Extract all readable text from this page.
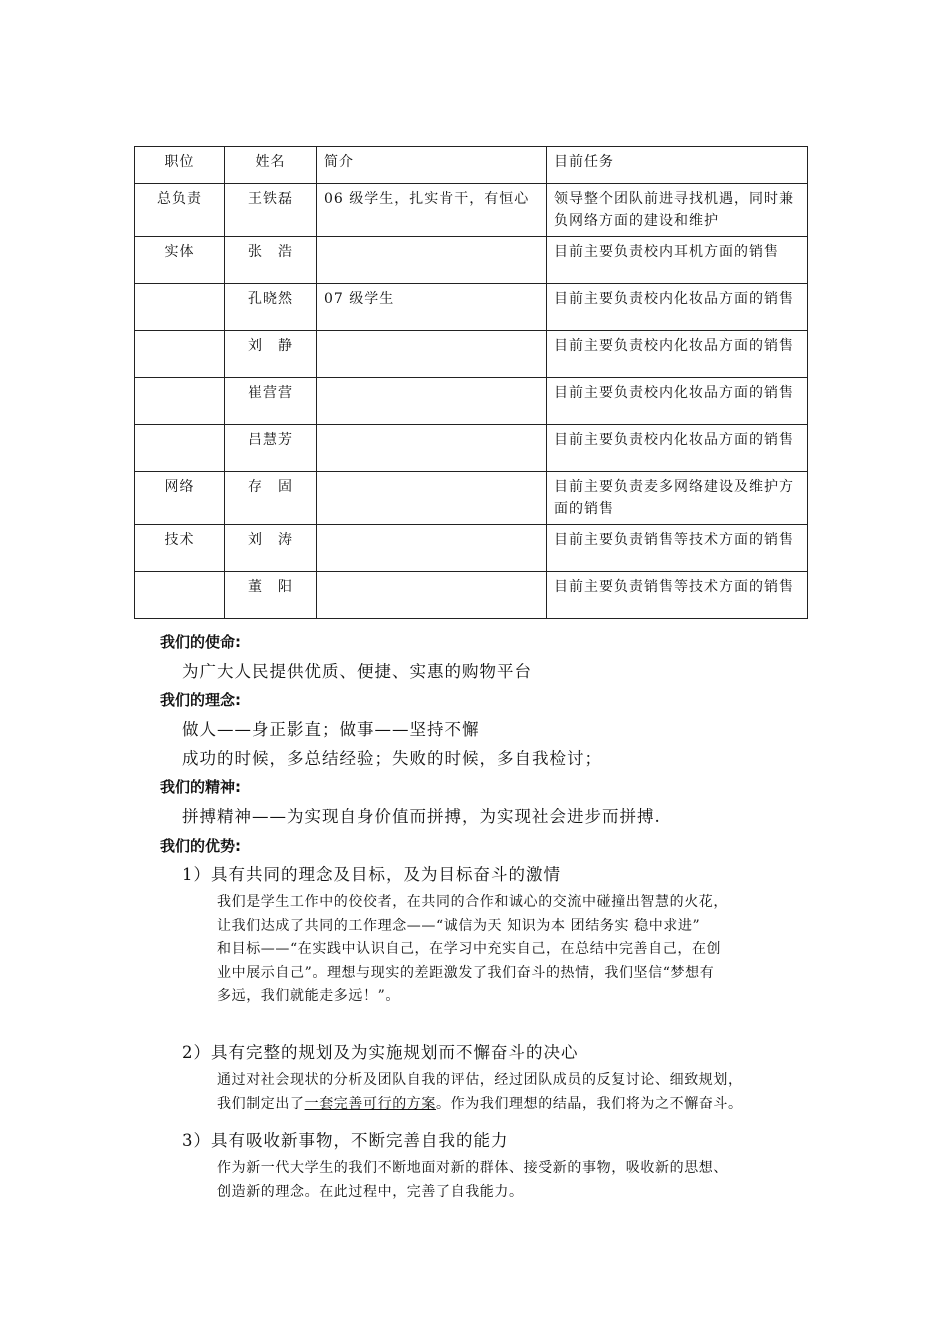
职位	姓名	简介	目前任务
总负责	王铁磊	06 级学生，扎实肯干，有恒心	领导整个团队前进寻找机遇，同时兼负网络方面的建设和维护
实体	张　浩		目前主要负责校内耳机方面的销售
	孔晓然	07 级学生	目前主要负责校内化妆品方面的销售
	刘　静		目前主要负责校内化妆品方面的销售
	崔营营		目前主要负责校内化妆品方面的销售
	吕慧芳		目前主要负责校内化妆品方面的销售
网络	存　固		目前主要负责麦多网络建设及维护方面的销售
技术	刘　涛		目前主要负责销售等技术方面的销售
	董　阳		目前主要负责销售等技术方面的销售
我们的使命:
为广大人民提供优质、便捷、实惠的购物平台
我们的理念:
做人——身正影直；做事——坚持不懈
成功的时候，多总结经验；失败的时候，多自我检讨；
我们的精神:
拼搏精神——为实现自身价值而拼搏，为实现社会进步而拼搏.
我们的优势:
1）具有共同的理念及目标，及为目标奋斗的激情
我们是学生工作中的佼佼者，在共同的合作和诚心的交流中碰撞出智慧的火花，
让我们达成了共同的工作理念——“诚信为天 知识为本 团结务实 稳中求进”
和目标——“在实践中认识自己，在学习中充实自己，在总结中完善自己，在创
业中展示自己”。理想与现实的差距激发了我们奋斗的热情，我们坚信“梦想有
多远，我们就能走多远！”。
2）具有完整的规划及为实施规划而不懈奋斗的决心
通过对社会现状的分析及团队自我的评估，经过团队成员的反复讨论、细致规划，
我们制定出了一套完善可行的方案。作为我们理想的结晶，我们将为之不懈奋斗。
3）具有吸收新事物，不断完善自我的能力
作为新一代大学生的我们不断地面对新的群体、接受新的事物，吸收新的思想、
创造新的理念。在此过程中，完善了自我能力。
